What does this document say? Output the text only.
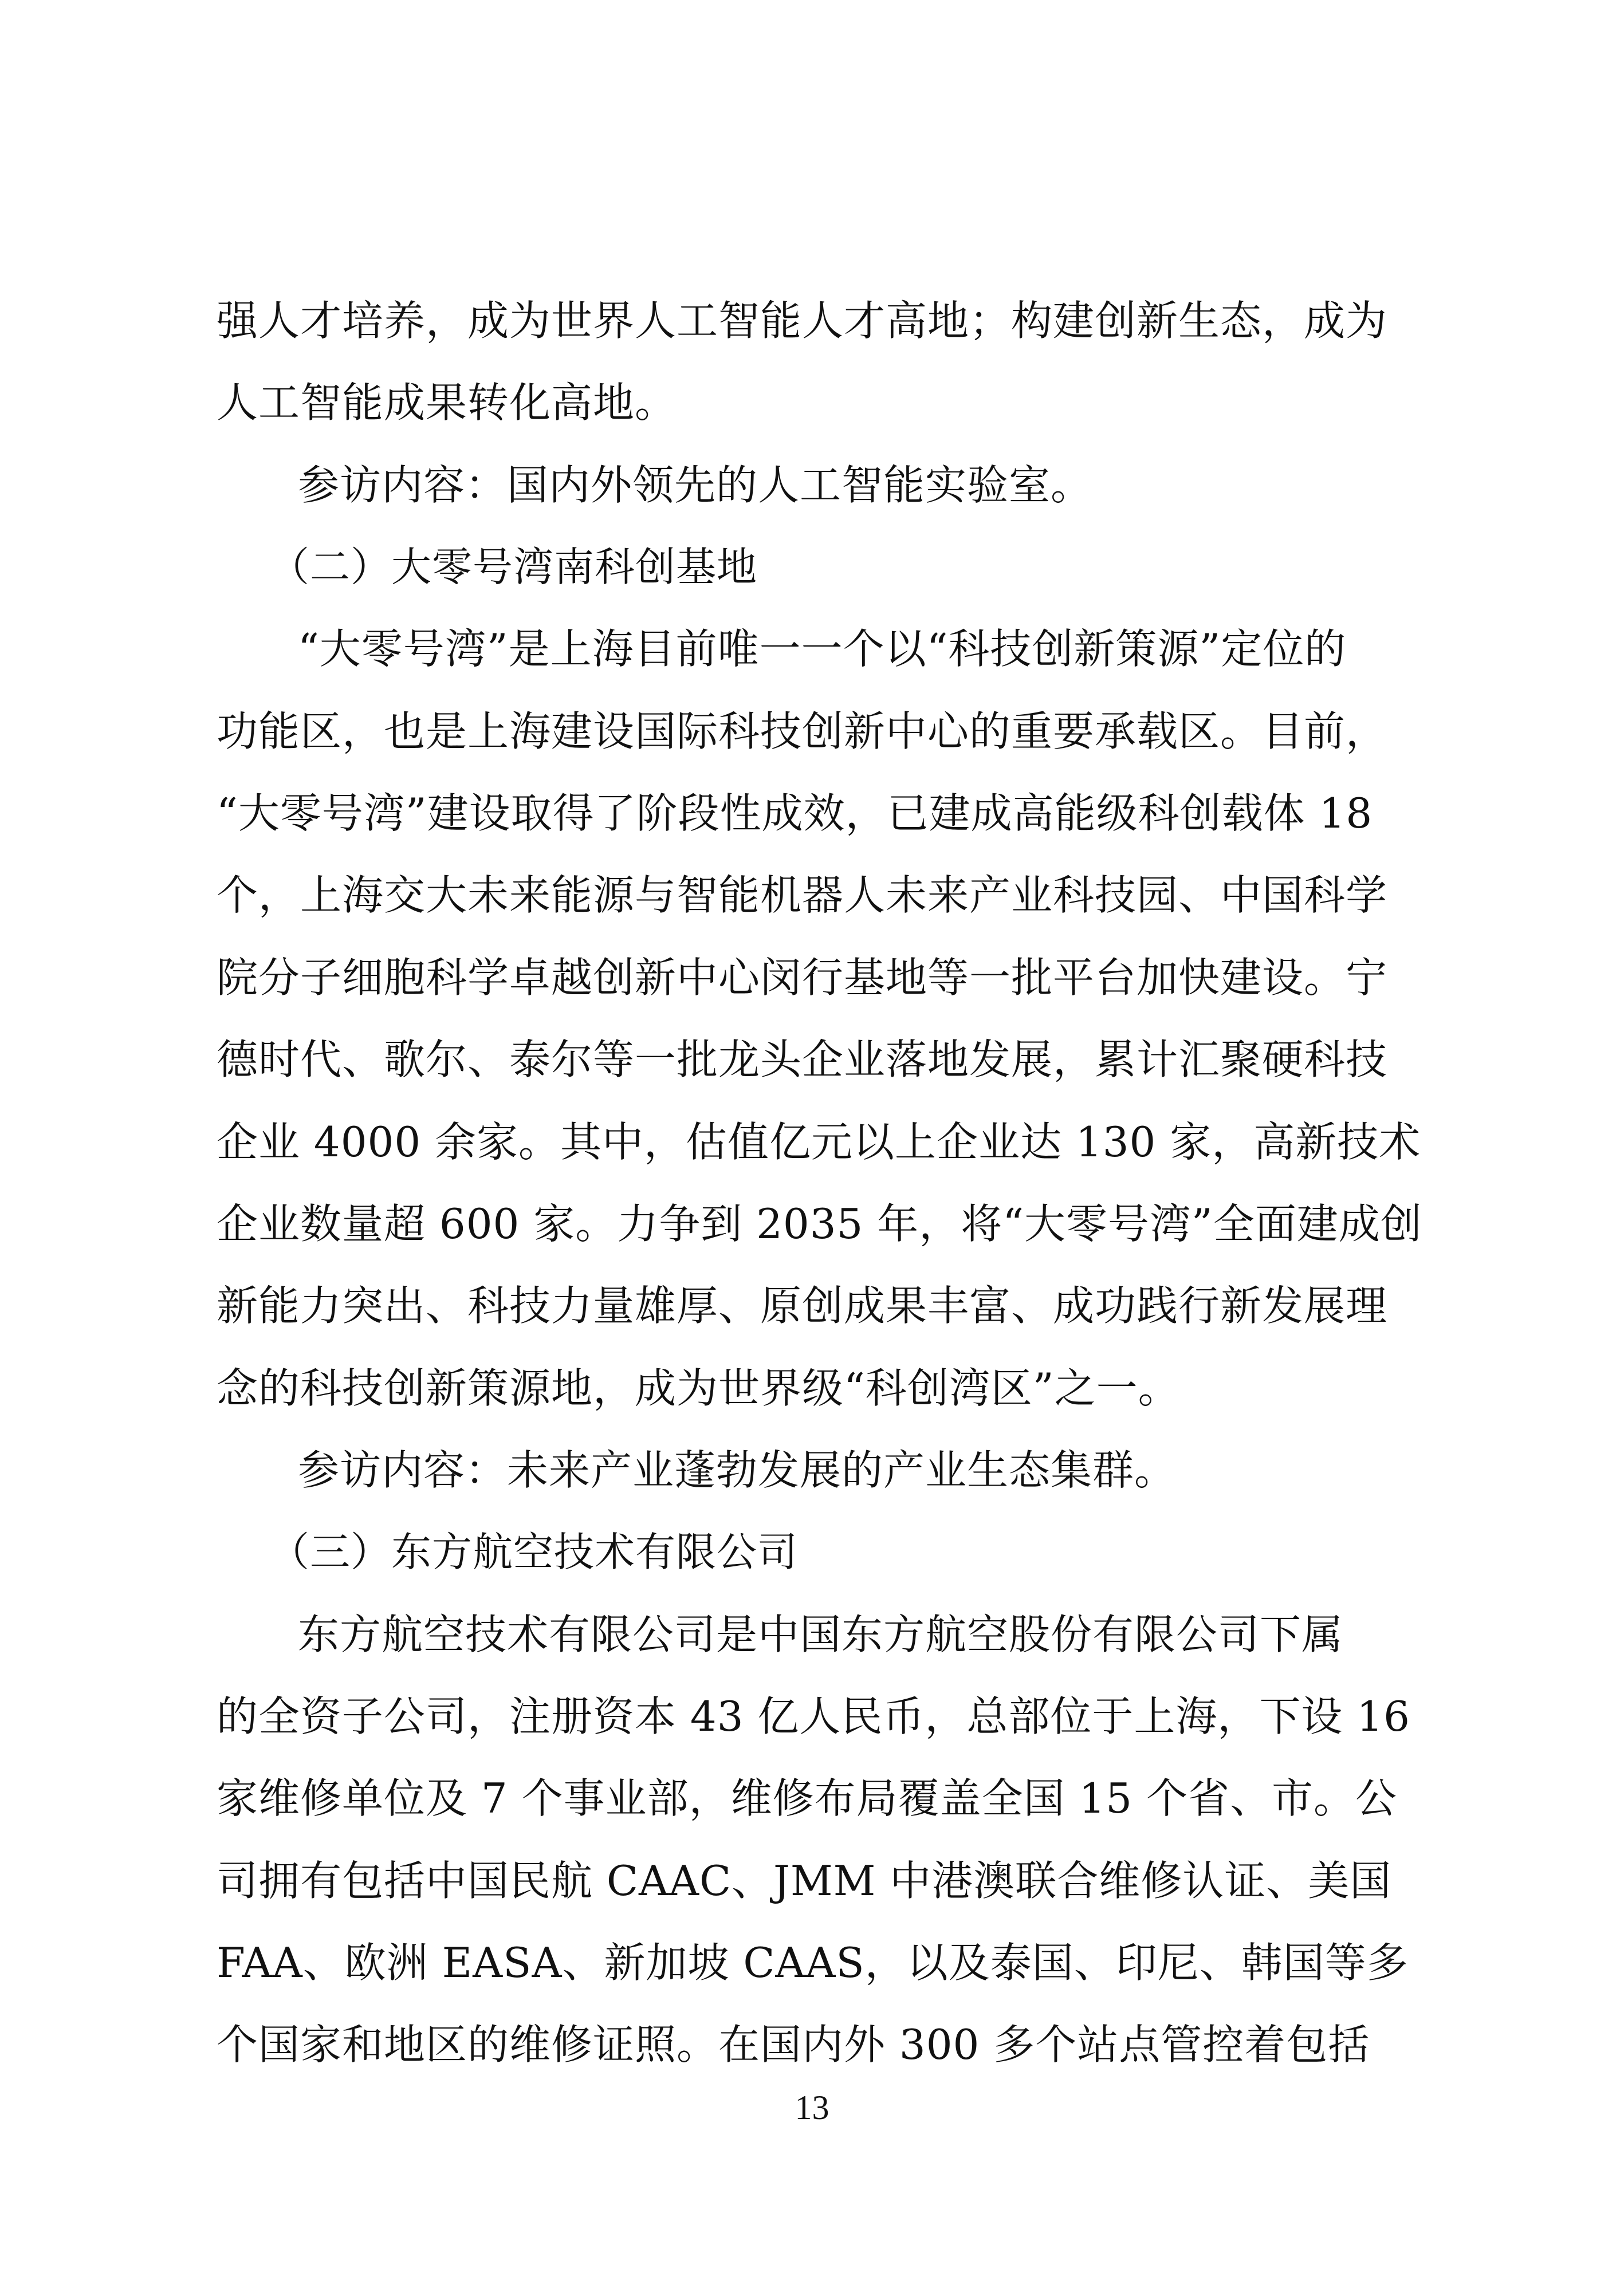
强人才培养，成为世界人工智能人才高地；构建创新生态，成为
人工智能成果转化高地。
参访内容：国内外领先的人工智能实验室。
（二）大零号湾南科创基地
“大零号湾”是上海目前唯一一个以“科技创新策源”定位的
功能区，也是上海建设国际科技创新中心的重要承载区。目前，
“大零号湾”建设取得了阶段性成效，已建成高能级科创载体 18
个，上海交大未来能源与智能机器人未来产业科技园、中国科学
院分子细胞科学卓越创新中心闵行基地等一批平台加快建设。宁
德时代、歌尔、泰尔等一批龙头企业落地发展，累计汇聚硬科技
企业 4000 余家。其中，估值亿元以上企业达 130 家，高新技术
企业数量超 600 家。力争到 2035 年，将“大零号湾”全面建成创
新能力突出、科技力量雄厚、原创成果丰富、成功践行新发展理
念的科技创新策源地，成为世界级“科创湾区”之一。
参访内容：未来产业蓬勃发展的产业生态集群。
（三）东方航空技术有限公司
东方航空技术有限公司是中国东方航空股份有限公司下属
的全资子公司，注册资本 43 亿人民币，总部位于上海，下设 16
家维修单位及 7 个事业部，维修布局覆盖全国 15 个省、市。公
司拥有包括中国民航 CAAC、JMM 中港澳联合维修认证、美国
FAA、欧洲 EASA、新加坡 CAAS，以及泰国、印尼、韩国等多
个国家和地区的维修证照。在国内外 300 多个站点管控着包括
13
